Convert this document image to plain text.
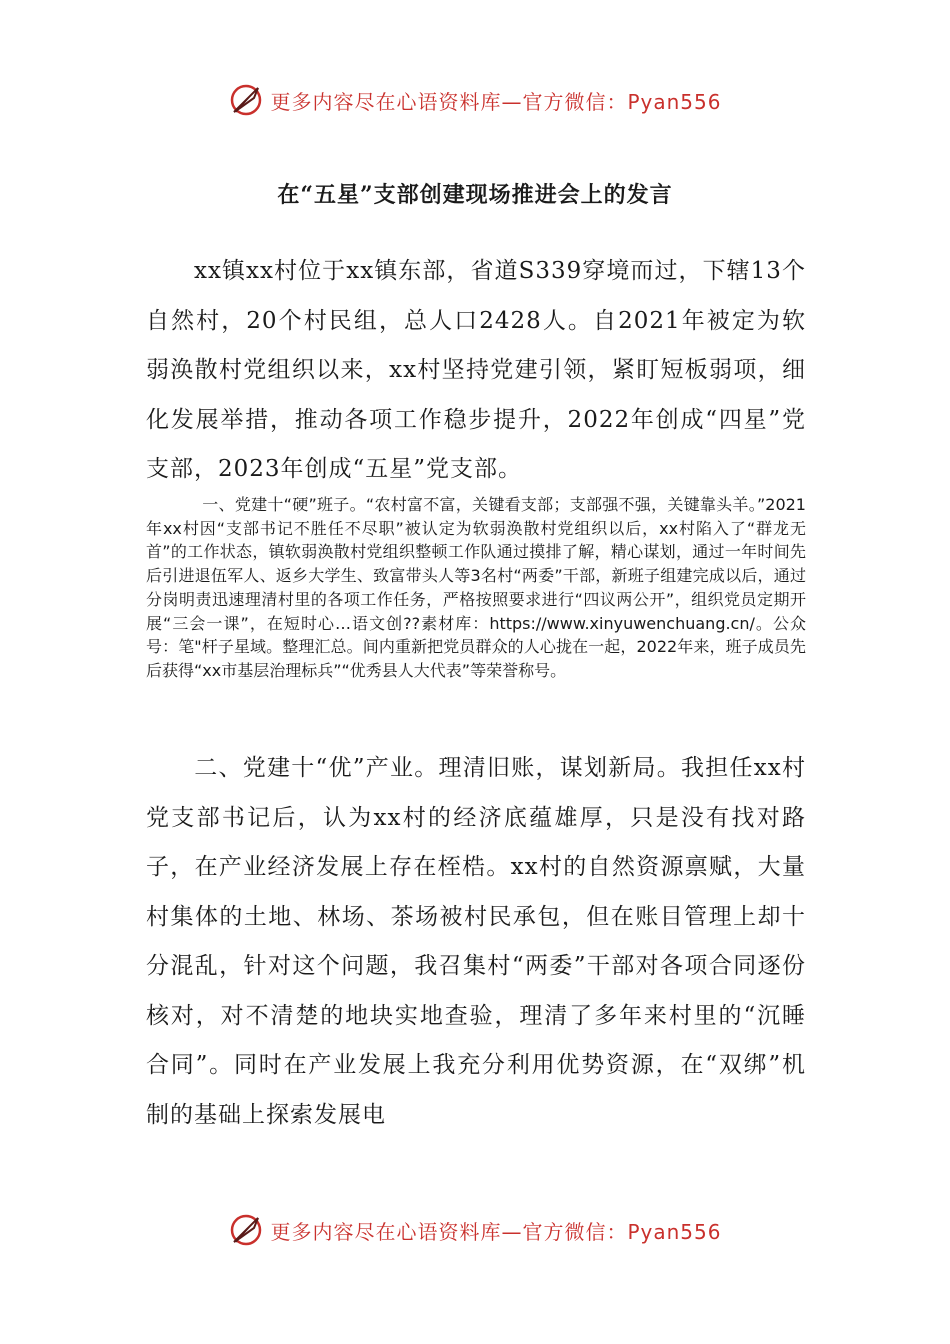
更多内容尽在心语资料库—官方微信：Pyan556
在“五星”支部创建现场推进会上的发言

xx镇xx村位于xx镇东部，省道S339穿境而过，下辖13个自然村，20个村民组，总人口2428人。自2021年被定为软弱涣散村党组织以来，xx村坚持党建引领，紧盯短板弱项，细化发展举措，推动各项工作稳步提升，2022年创成“四星”党支部，2023年创成“五星”党支部。

一、党建十“硬”班子。“农村富不富，关键看支部；支部强不强，关键靠头羊。”2021年xx村因“支部书记不胜任不尽职”被认定为软弱涣散村党组织以后，xx村陷入了“群龙无首”的工作状态，镇软弱涣散村党组织整顿工作队通过摸排了解，精心谋划，通过一年时间先后引进退伍军人、返乡大学生、致富带头人等3名村“两委”干部，新班子组建完成以后，通过分岗明责迅速理清村里的各项工作任务，严格按照要求进行“四议两公开”，组织党员定期开展“三会一课”，在短时心…语文创??素材库：https://www.xinyuwenchuang.cn/。公众号：笔"杆子星域。整理汇总。间内重新把党员群众的人心拢在一起，2022年来，班子成员先后获得“xx市基层治理标兵”“优秀县人大代表”等荣誉称号。

二、党建十“优”产业。理清旧账，谋划新局。我担任xx村党支部书记后，认为xx村的经济底蕴雄厚，只是没有找对路子，在产业经济发展上存在桎梏。xx村的自然资源禀赋，大量村集体的土地、林场、茶场被村民承包，但在账目管理上却十分混乱，针对这个问题，我召集村“两委”干部对各项合同逐份核对，对不清楚的地块实地查验，理清了多年来村里的“沉睡合同”。同时在产业发展上我充分利用优势资源，在“双绑”机制的基础上探索发展电

更多内容尽在心语资料库—官方微信：Pyan556
